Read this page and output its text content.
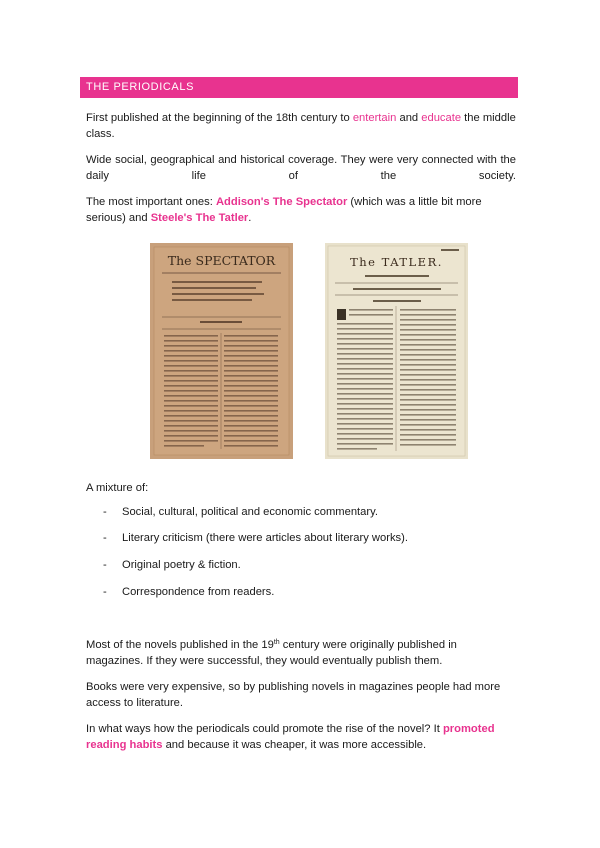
THE PERIODICALS

First published at the beginning of the 18th century to entertain and educate the middle class.

Wide social, geographical and historical coverage. They were very connected with the daily life of the society.

The most important ones: Addison's The Spectator (which was a little bit more serious) and Steele's The Tatler.

The SPECTATOR	The TATLER.

A mixture of:

- Social, cultural, political and economic commentary.
- Literary criticism (there were articles about literary works).
- Original poetry & fiction.
- Correspondence from readers.

Most of the novels published in the 19th century were originally published in magazines. If they were successful, they would eventually publish them.

Books were very expensive, so by publishing novels in magazines people had more access to literature.

In what ways how the periodicals could promote the rise of the novel? It promoted reading habits and because it was cheaper, it was more accessible.
